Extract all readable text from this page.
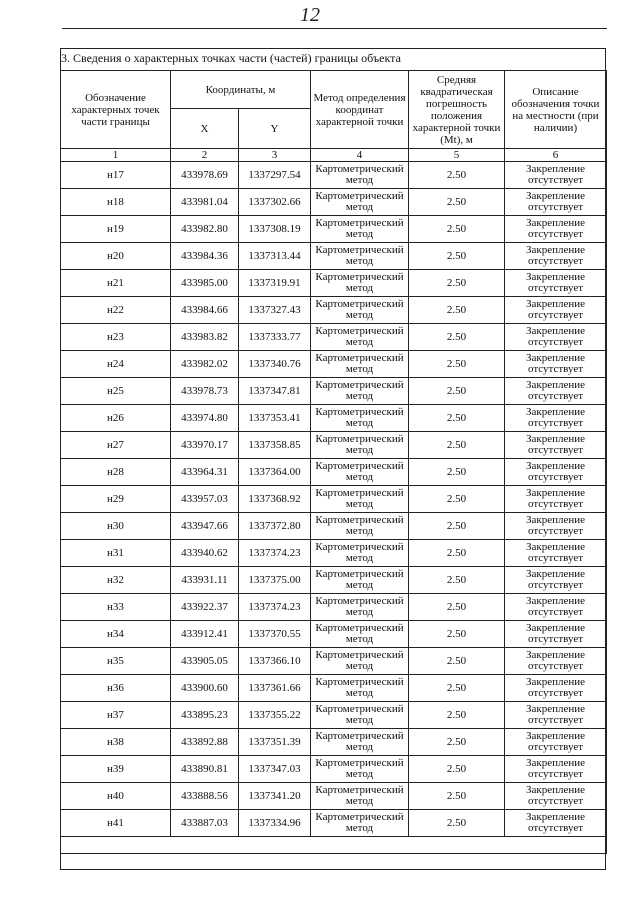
12
3. Сведения о характерных точках части (частей) границы объекта
Обозначение характерных точек части границы	Координаты, м		Метод определения координат характерной точки	Средняя квадратическая погрешность положения характерной точки (Mt), м	Описание обозначения точки на местности (при наличии)
	X	Y			
1	2	3	4	5	6
н17	433978.69	1337297.54	Картометрический метод	2.50	Закрепление отсутствует
н18	433981.04	1337302.66	Картометрический метод	2.50	Закрепление отсутствует
н19	433982.80	1337308.19	Картометрический метод	2.50	Закрепление отсутствует
н20	433984.36	1337313.44	Картометрический метод	2.50	Закрепление отсутствует
н21	433985.00	1337319.91	Картометрический метод	2.50	Закрепление отсутствует
н22	433984.66	1337327.43	Картометрический метод	2.50	Закрепление отсутствует
н23	433983.82	1337333.77	Картометрический метод	2.50	Закрепление отсутствует
н24	433982.02	1337340.76	Картометрический метод	2.50	Закрепление отсутствует
н25	433978.73	1337347.81	Картометрический метод	2.50	Закрепление отсутствует
н26	433974.80	1337353.41	Картометрический метод	2.50	Закрепление отсутствует
н27	433970.17	1337358.85	Картометрический метод	2.50	Закрепление отсутствует
н28	433964.31	1337364.00	Картометрический метод	2.50	Закрепление отсутствует
н29	433957.03	1337368.92	Картометрический метод	2.50	Закрепление отсутствует
н30	433947.66	1337372.80	Картометрический метод	2.50	Закрепление отсутствует
н31	433940.62	1337374.23	Картометрический метод	2.50	Закрепление отсутствует
н32	433931.11	1337375.00	Картометрический метод	2.50	Закрепление отсутствует
н33	433922.37	1337374.23	Картометрический метод	2.50	Закрепление отсутствует
н34	433912.41	1337370.55	Картометрический метод	2.50	Закрепление отсутствует
н35	433905.05	1337366.10	Картометрический метод	2.50	Закрепление отсутствует
н36	433900.60	1337361.66	Картометрический метод	2.50	Закрепление отсутствует
н37	433895.23	1337355.22	Картометрический метод	2.50	Закрепление отсутствует
н38	433892.88	1337351.39	Картометрический метод	2.50	Закрепление отсутствует
н39	433890.81	1337347.03	Картометрический метод	2.50	Закрепление отсутствует
н40	433888.56	1337341.20	Картометрический метод	2.50	Закрепление отсутствует
н41	433887.03	1337334.96	Картометрический метод	2.50	Закрепление отсутствует
